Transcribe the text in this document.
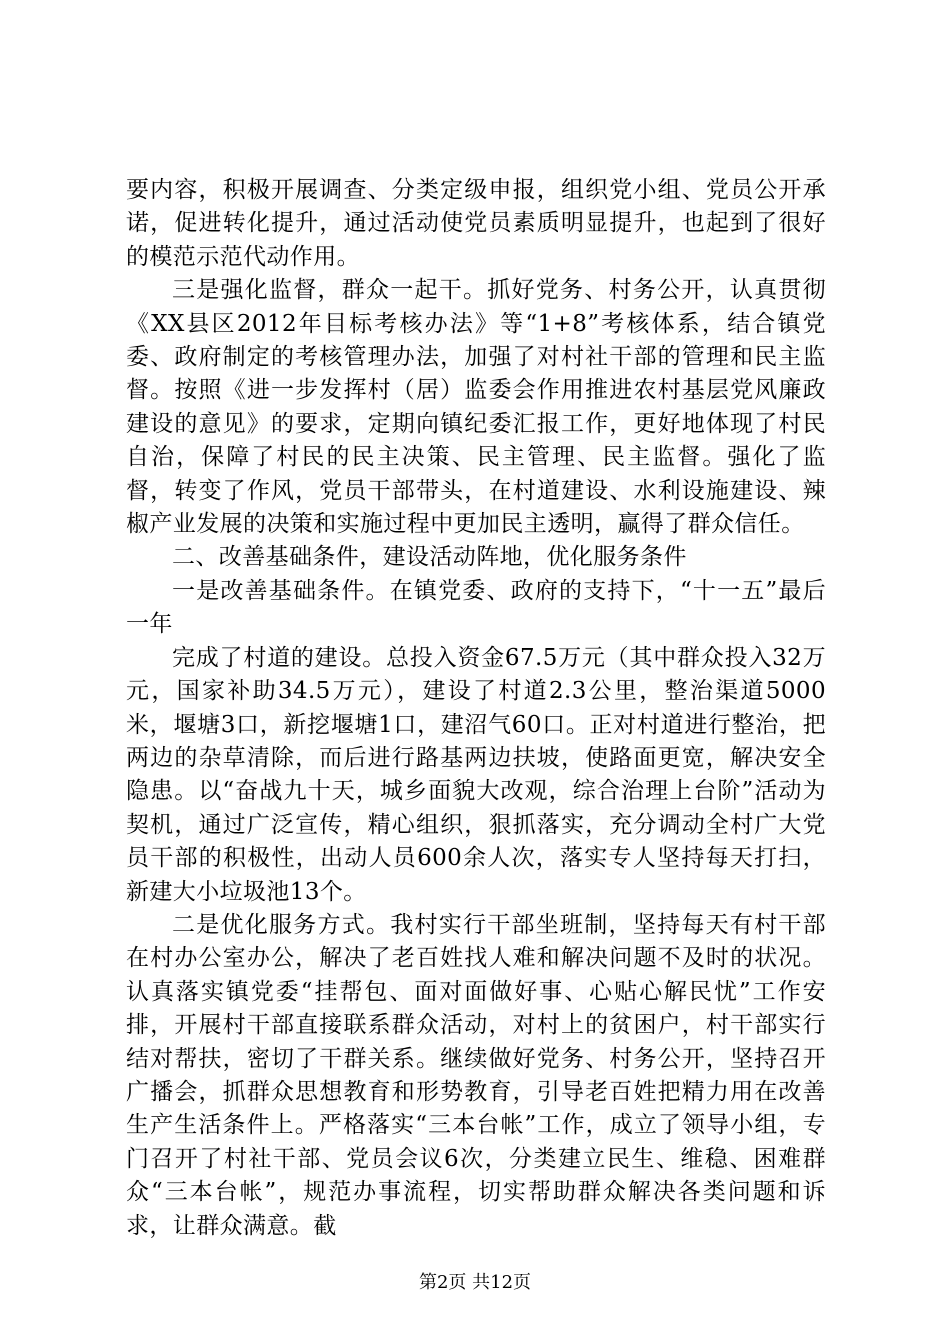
要内容，积极开展调查、分类定级申报，组织党小组、党员公开承诺，促进转化提升，通过活动使党员素质明显提升，也起到了很好的模范示范代动作用。

三是强化监督，群众一起干。抓好党务、村务公开，认真贯彻《XX县区2012年目标考核办法》等“1+8”考核体系，结合镇党委、政府制定的考核管理办法，加强了对村社干部的管理和民主监督。按照《进一步发挥村（居）监委会作用推进农村基层党风廉政建设的意见》的要求，定期向镇纪委汇报工作，更好地体现了村民自治，保障了村民的民主决策、民主管理、民主监督。强化了监督，转变了作风，党员干部带头，在村道建设、水利设施建设、辣椒产业发展的决策和实施过程中更加民主透明，赢得了群众信任。

二、改善基础条件，建设活动阵地，优化服务条件

一是改善基础条件。在镇党委、政府的支持下，“十一五”最后一年

完成了村道的建设。总投入资金67.5万元（其中群众投入32万元，国家补助34.5万元），建设了村道2.3公里，整治渠道5000米，堰塘3口，新挖堰塘1口，建沼气60口。正对村道进行整治，把两边的杂草清除，而后进行路基两边扶坡，使路面更宽，解决安全隐患。以“奋战九十天，城乡面貌大改观，综合治理上台阶”活动为契机，通过广泛宣传，精心组织，狠抓落实，充分调动全村广大党员干部的积极性，出动人员600余人次，落实专人坚持每天打扫，新建大小垃圾池13个。

二是优化服务方式。我村实行干部坐班制，坚持每天有村干部在村办公室办公，解决了老百姓找人难和解决问题不及时的状况。认真落实镇党委“挂帮包、面对面做好事、心贴心解民忧”工作安排，开展村干部直接联系群众活动，对村上的贫困户，村干部实行结对帮扶，密切了干群关系。继续做好党务、村务公开，坚持召开广播会，抓群众思想教育和形势教育，引导老百姓把精力用在改善生产生活条件上。严格落实“三本台帐”工作，成立了领导小组，专门召开了村社干部、党员会议6次，分类建立民生、维稳、困难群众“三本台帐”，规范办事流程，切实帮助群众解决各类问题和诉求，让群众满意。截

第2页 共12页
